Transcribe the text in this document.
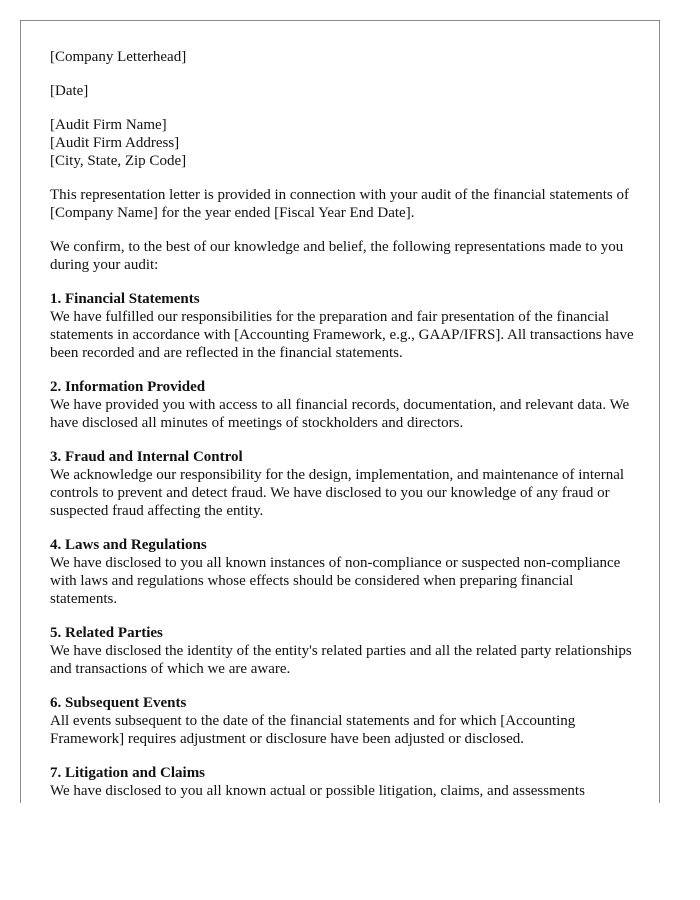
[Company Letterhead]

[Date]

[Audit Firm Name]
[Audit Firm Address]
[City, State, Zip Code]

This representation letter is provided in connection with your audit of the financial statements of [Company Name] for the year ended [Fiscal Year End Date].

We confirm, to the best of our knowledge and belief, the following representations made to you during your audit:

1. Financial Statements
We have fulfilled our responsibilities for the preparation and fair presentation of the financial statements in accordance with [Accounting Framework, e.g., GAAP/IFRS]. All transactions have been recorded and are reflected in the financial statements.
2. Information Provided
We have provided you with access to all financial records, documentation, and relevant data. We have disclosed all minutes of meetings of stockholders and directors.
3. Fraud and Internal Control
We acknowledge our responsibility for the design, implementation, and maintenance of internal controls to prevent and detect fraud. We have disclosed to you our knowledge of any fraud or suspected fraud affecting the entity.
4. Laws and Regulations
We have disclosed to you all known instances of non-compliance or suspected non-compliance with laws and regulations whose effects should be considered when preparing financial statements.
5. Related Parties
We have disclosed the identity of the entity's related parties and all the related party relationships and transactions of which we are aware.
6. Subsequent Events
All events subsequent to the date of the financial statements and for which [Accounting Framework] requires adjustment or disclosure have been adjusted or disclosed.
7. Litigation and Claims
We have disclosed to you all known actual or possible litigation, claims, and assessments
